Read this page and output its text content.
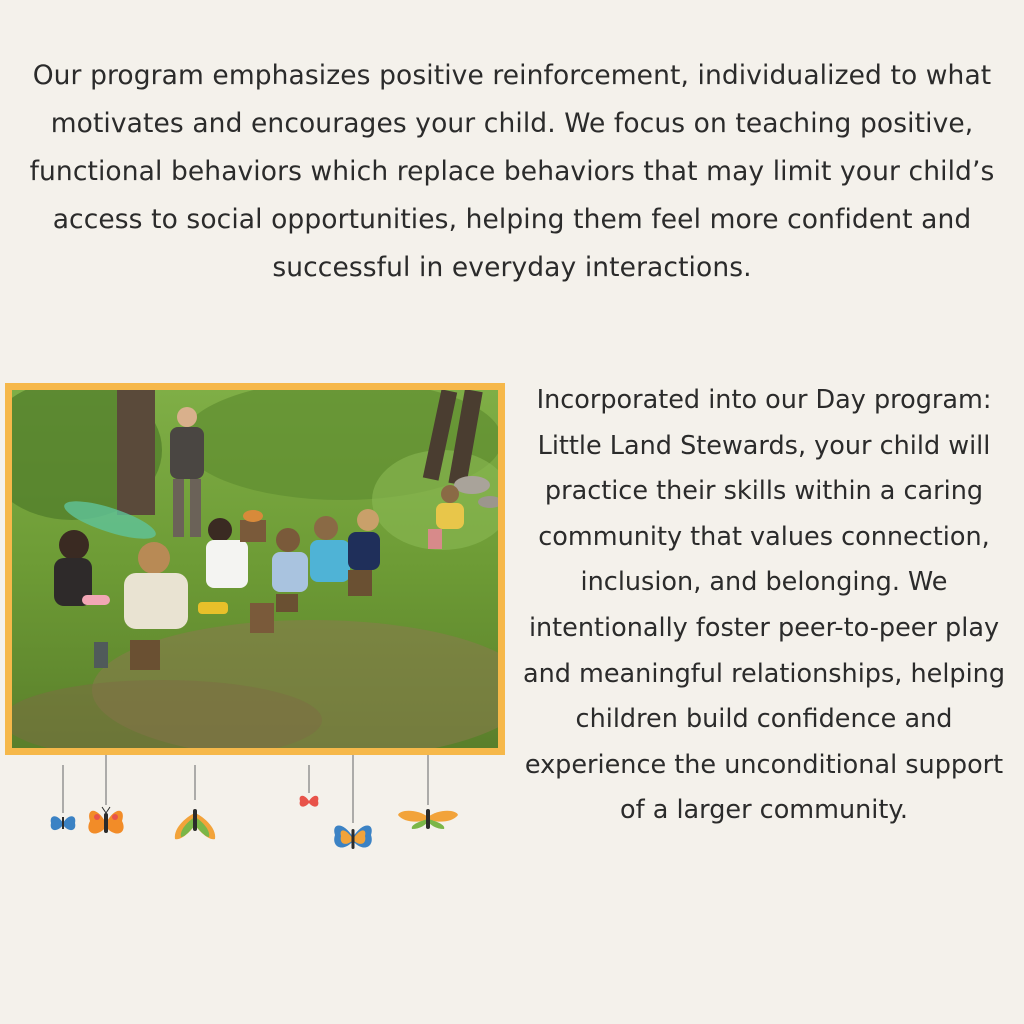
Our program emphasizes positive reinforcement, individualized to what motivates and encourages your child. We focus on teaching positive, functional behaviors which replace behaviors that may limit your child’s access to social opportunities, helping them feel more confident and successful in everyday interactions.

Incorporated into our Day program: Little Land Stewards, your child will practice their skills within a caring community that values connection, inclusion, and belonging. We intentionally foster peer-to-peer play and meaningful relationships, helping children build confidence and experience the unconditional support of a larger community.
